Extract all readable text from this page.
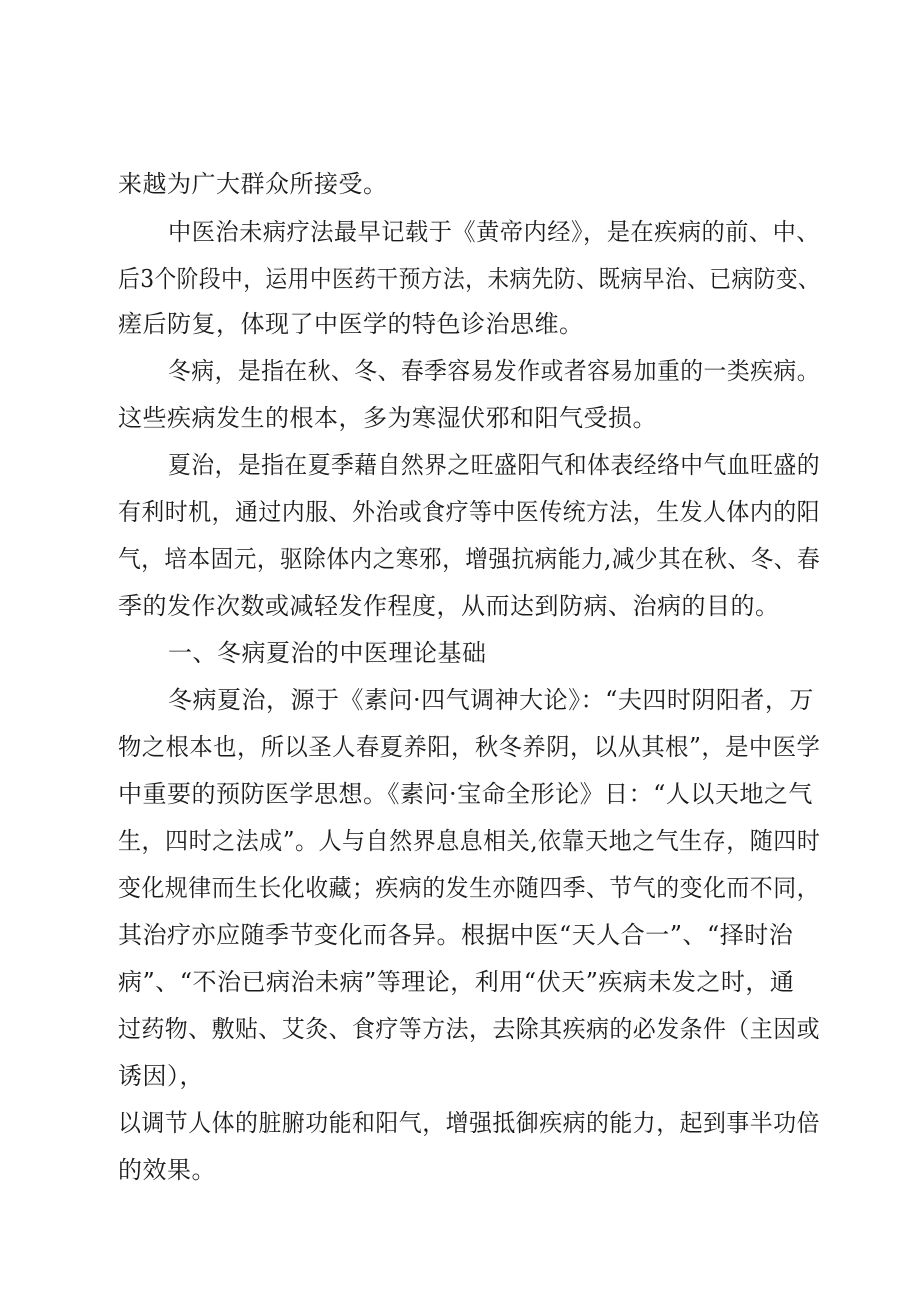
来越为广大群众所接受。
中医治未病疗法最早记载于《黄帝内经》，是在疾病的前、中、
后3个阶段中，运用中医药干预方法，未病先防、既病早治、已病防变、
瘥后防复，体现了中医学的特色诊治思维。
冬病，是指在秋、冬、春季容易发作或者容易加重的一类疾病。
这些疾病发生的根本，多为寒湿伏邪和阳气受损。
夏治，是指在夏季藉自然界之旺盛阳气和体表经络中气血旺盛的
有利时机，通过内服、外治或食疗等中医传统方法，生发人体内的阳
气，培本固元，驱除体内之寒邪，增强抗病能力,减少其在秋、冬、春
季的发作次数或减轻发作程度，从而达到防病、治病的目的。
一、冬病夏治的中医理论基础
冬病夏治，源于《素问·四气调神大论》：“夫四时阴阳者，万
物之根本也，所以圣人春夏养阳，秋冬养阴，以从其根”，是中医学
中重要的预防医学思想。《素问·宝命全形论》日：“人以天地之气
生，四时之法成”。人与自然界息息相关,依靠天地之气生存，随四时
变化规律而生长化收藏；疾病的发生亦随四季、节气的变化而不同，
其治疗亦应随季节变化而各异。根据中医“天人合一”、“择时治
病”、“不治已病治未病”等理论，利用“伏天”疾病未发之时，通
过药物、敷贴、艾灸、食疗等方法，去除其疾病的必发条件（主因或
诱因），
以调节人体的脏腑功能和阳气，增强抵御疾病的能力，起到事半功倍
的效果。
